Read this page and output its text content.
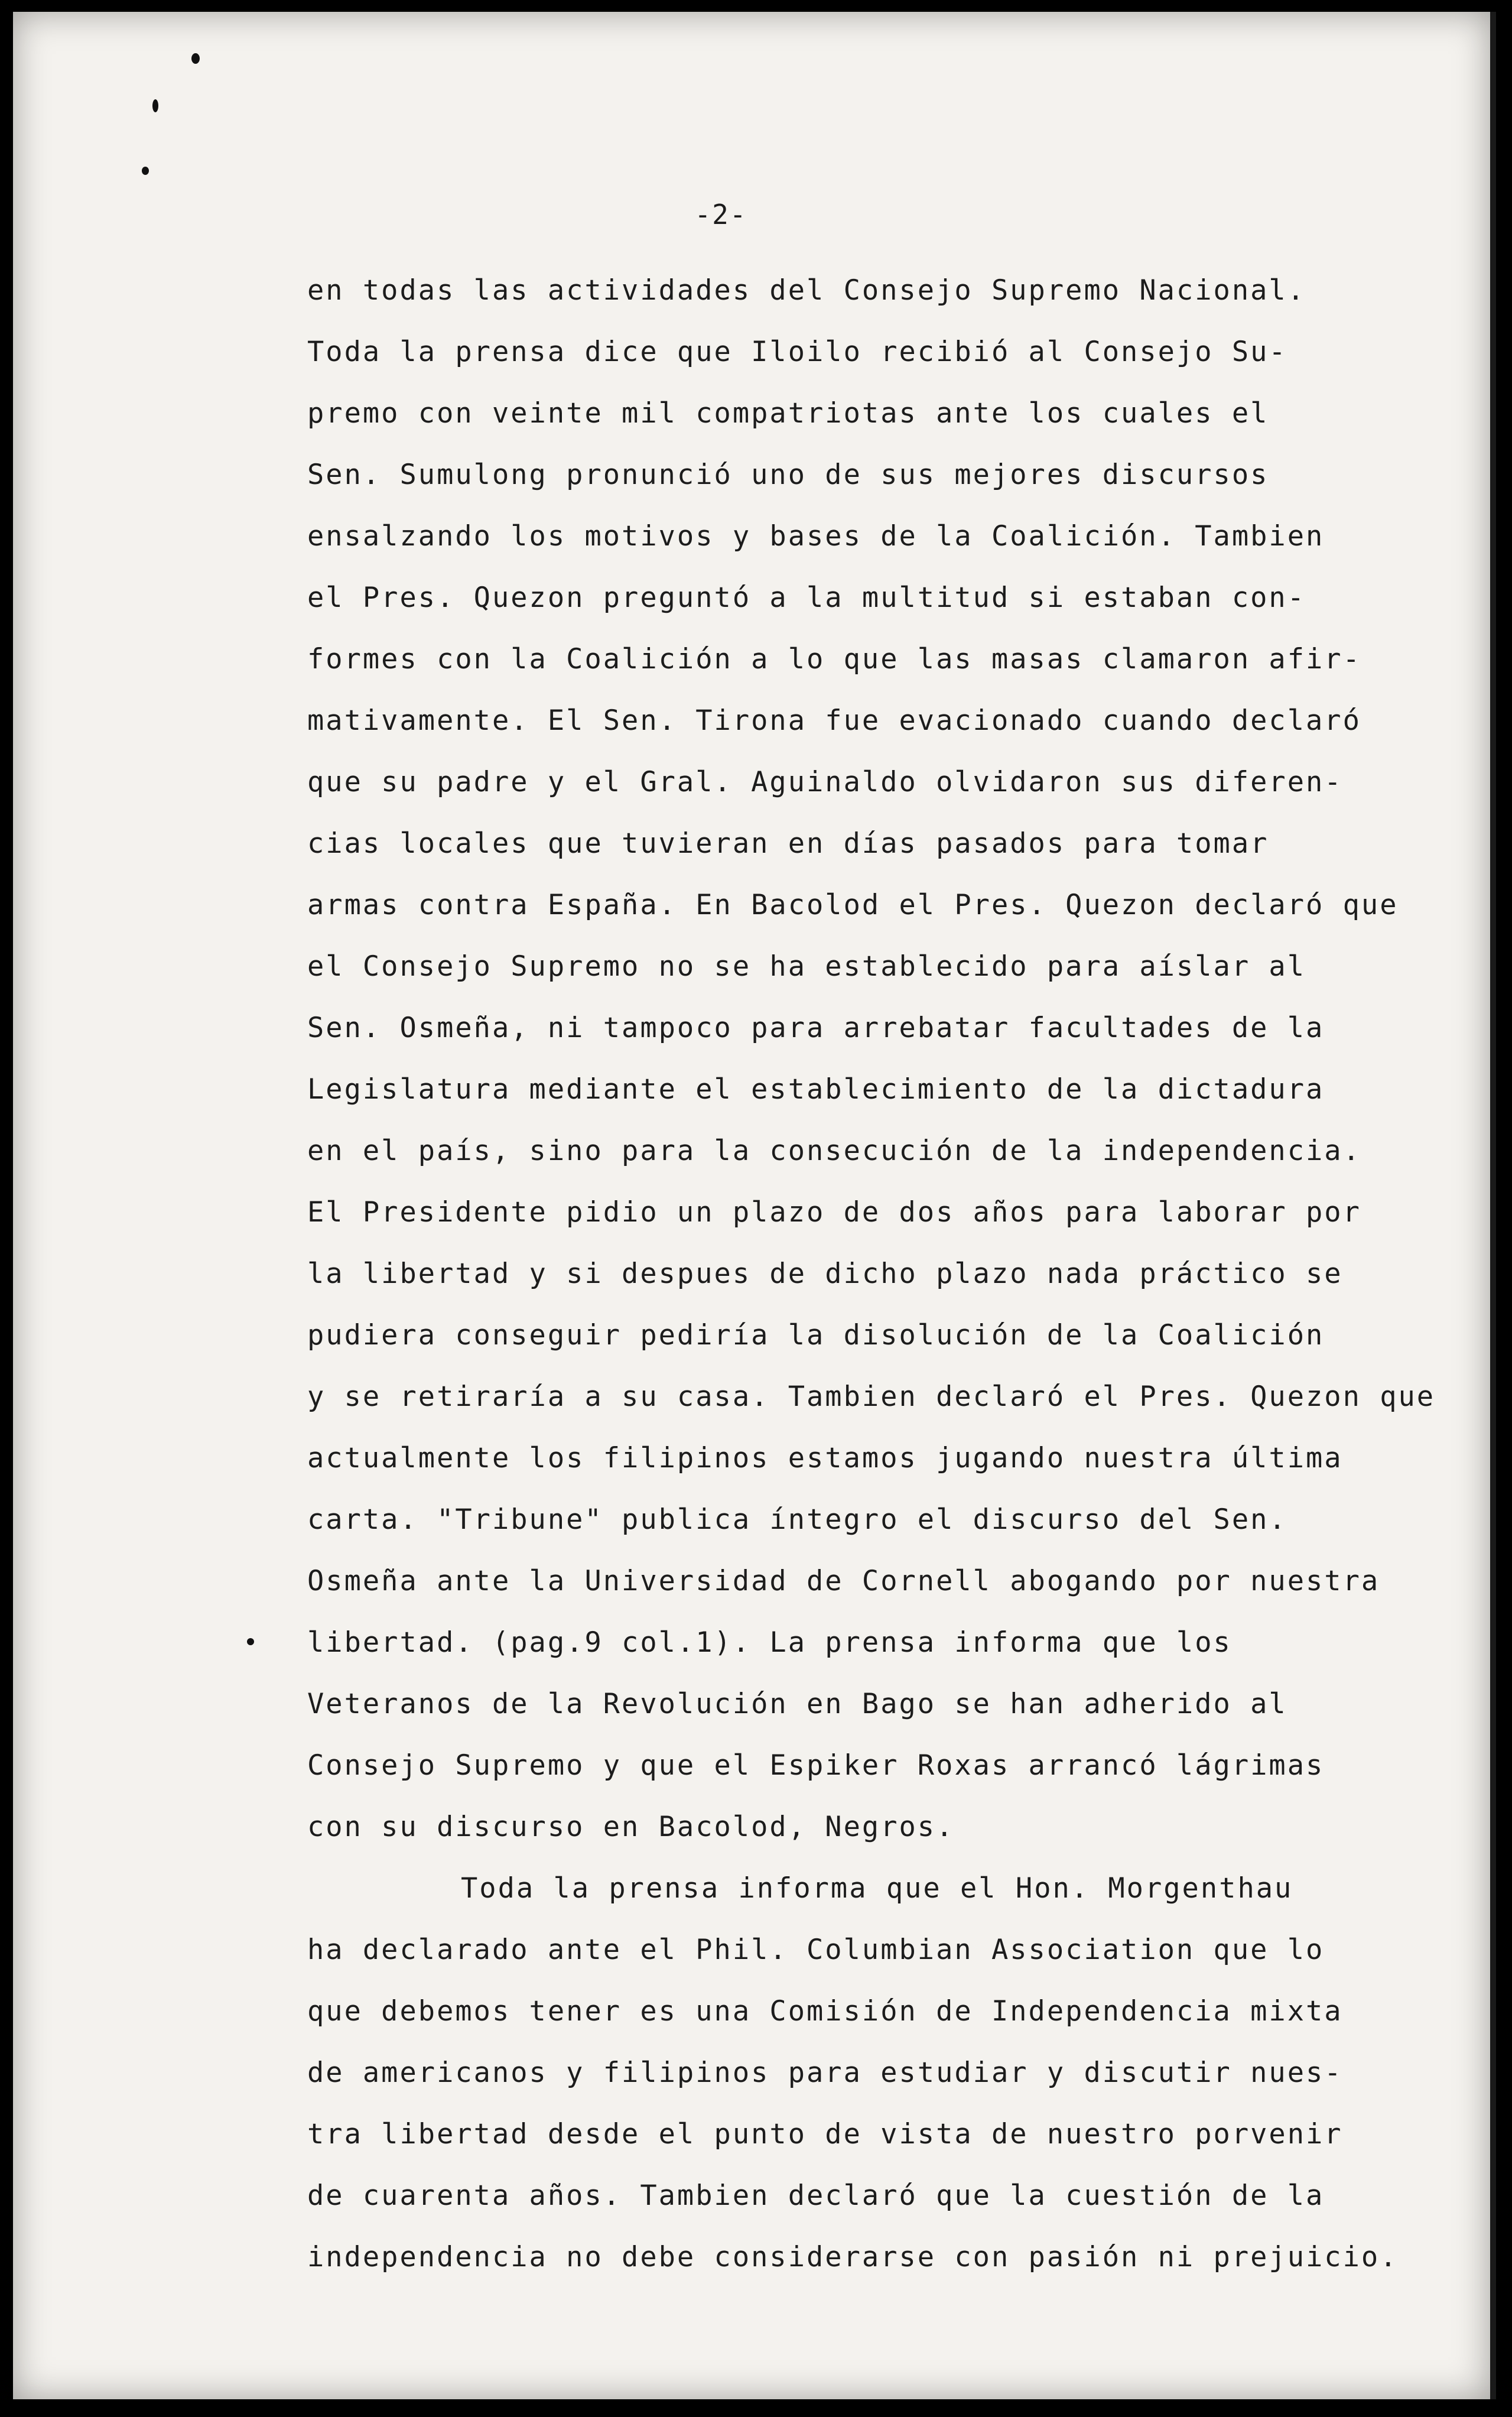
-2-
en todas las actividades del Consejo Supremo Nacional.
Toda la prensa dice que Iloilo recibió al Consejo Su-
premo con veinte mil compatriotas ante los cuales el
Sen. Sumulong pronunció uno de sus mejores discursos
ensalzando los motivos y bases de la Coalición. Tambien
el Pres. Quezon preguntó a la multitud si estaban con-
formes con la Coalición a lo que las masas clamaron afir-
mativamente. El Sen. Tirona fue evacionado cuando declaró
que su padre y el Gral. Aguinaldo olvidaron sus diferen-
cias locales que tuvieran en días pasados para tomar
armas contra España. En Bacolod el Pres. Quezon declaró que
el Consejo Supremo no se ha establecido para aíslar al
Sen. Osmeña, ni tampoco para arrebatar facultades de la
Legislatura mediante el establecimiento de la dictadura
en el país, sino para la consecución de la independencia.
El Presidente pidio un plazo de dos años para laborar por
la libertad y si despues de dicho plazo nada práctico se
pudiera conseguir pediría la disolución de la Coalición
y se retiraría a su casa. Tambien declaró el Pres. Quezon que
actualmente los filipinos estamos jugando nuestra última
carta. "Tribune" publica íntegro el discurso del Sen.
Osmeña ante la Universidad de Cornell abogando por nuestra
libertad. (pag.9 col.1). La prensa informa que los
Veteranos de la Revolución en Bago se han adherido al
Consejo Supremo y que el Espiker Roxas arrancó lágrimas
con su discurso en Bacolod, Negros.
Toda la prensa informa que el Hon. Morgenthau
ha declarado ante el Phil. Columbian Association que lo
que debemos tener es una Comisión de Independencia mixta
de americanos y filipinos para estudiar y discutir nues-
tra libertad desde el punto de vista de nuestro porvenir
de cuarenta años. Tambien declaró que la cuestión de la
independencia no debe considerarse con pasión ni prejuicio.
